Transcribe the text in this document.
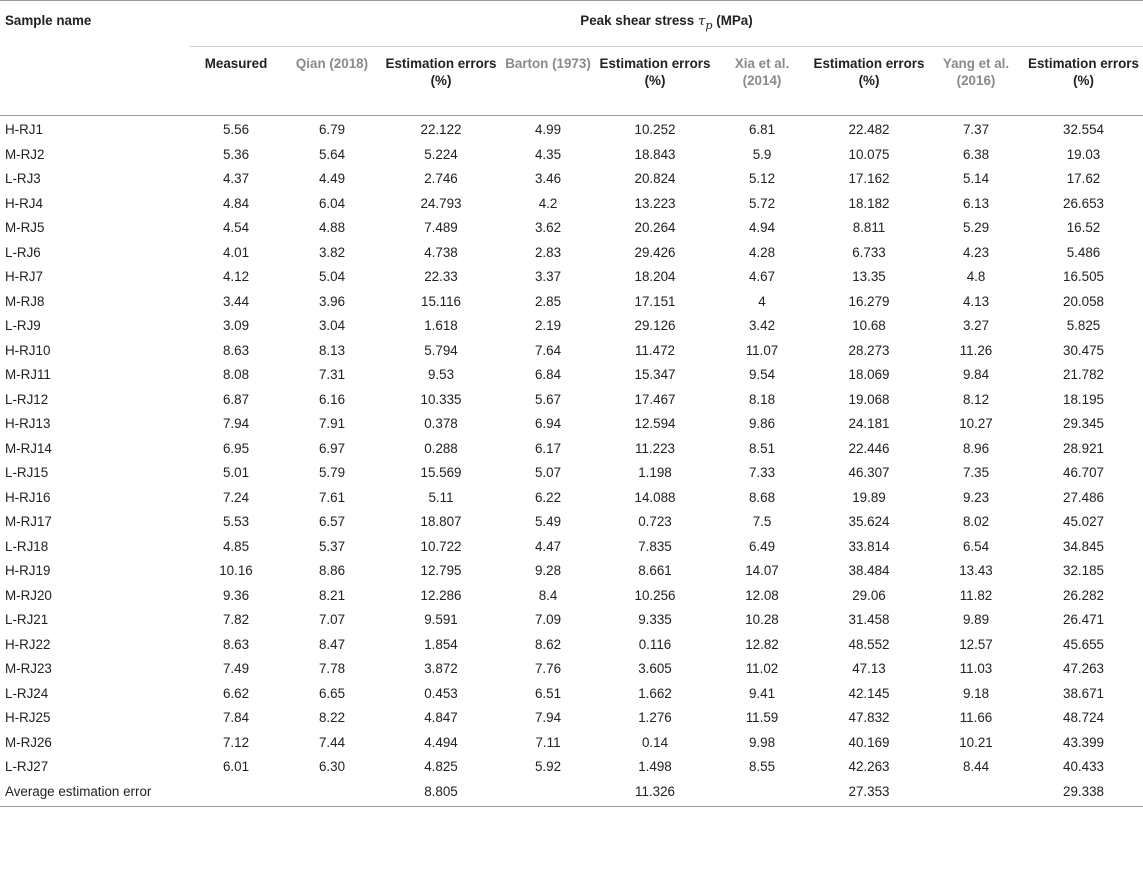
Sample name	Peak shear stress $\tau_p$ (MPa)								
	Measured	Qian (2018)	Estimation errors (%)	Barton (1973)	Estimation errors (%)	Xia et al. (2014)	Estimation errors (%)	Yang et al. (2016)	Estimation errors (%)
H-RJ1	5.56	6.79	22.122	4.99	10.252	6.81	22.482	7.37	32.554
M-RJ2	5.36	5.64	5.224	4.35	18.843	5.9	10.075	6.38	19.03
L-RJ3	4.37	4.49	2.746	3.46	20.824	5.12	17.162	5.14	17.62
H-RJ4	4.84	6.04	24.793	4.2	13.223	5.72	18.182	6.13	26.653
M-RJ5	4.54	4.88	7.489	3.62	20.264	4.94	8.811	5.29	16.52
L-RJ6	4.01	3.82	4.738	2.83	29.426	4.28	6.733	4.23	5.486
H-RJ7	4.12	5.04	22.33	3.37	18.204	4.67	13.35	4.8	16.505
M-RJ8	3.44	3.96	15.116	2.85	17.151	4	16.279	4.13	20.058
L-RJ9	3.09	3.04	1.618	2.19	29.126	3.42	10.68	3.27	5.825
H-RJ10	8.63	8.13	5.794	7.64	11.472	11.07	28.273	11.26	30.475
M-RJ11	8.08	7.31	9.53	6.84	15.347	9.54	18.069	9.84	21.782
L-RJ12	6.87	6.16	10.335	5.67	17.467	8.18	19.068	8.12	18.195
H-RJ13	7.94	7.91	0.378	6.94	12.594	9.86	24.181	10.27	29.345
M-RJ14	6.95	6.97	0.288	6.17	11.223	8.51	22.446	8.96	28.921
L-RJ15	5.01	5.79	15.569	5.07	1.198	7.33	46.307	7.35	46.707
H-RJ16	7.24	7.61	5.11	6.22	14.088	8.68	19.89	9.23	27.486
M-RJ17	5.53	6.57	18.807	5.49	0.723	7.5	35.624	8.02	45.027
L-RJ18	4.85	5.37	10.722	4.47	7.835	6.49	33.814	6.54	34.845
H-RJ19	10.16	8.86	12.795	9.28	8.661	14.07	38.484	13.43	32.185
M-RJ20	9.36	8.21	12.286	8.4	10.256	12.08	29.06	11.82	26.282
L-RJ21	7.82	7.07	9.591	7.09	9.335	10.28	31.458	9.89	26.471
H-RJ22	8.63	8.47	1.854	8.62	0.116	12.82	48.552	12.57	45.655
M-RJ23	7.49	7.78	3.872	7.76	3.605	11.02	47.13	11.03	47.263
L-RJ24	6.62	6.65	0.453	6.51	1.662	9.41	42.145	9.18	38.671
H-RJ25	7.84	8.22	4.847	7.94	1.276	11.59	47.832	11.66	48.724
M-RJ26	7.12	7.44	4.494	7.11	0.14	9.98	40.169	10.21	43.399
L-RJ27	6.01	6.30	4.825	5.92	1.498	8.55	42.263	8.44	40.433
Average estimation error			8.805		11.326		27.353		29.338
